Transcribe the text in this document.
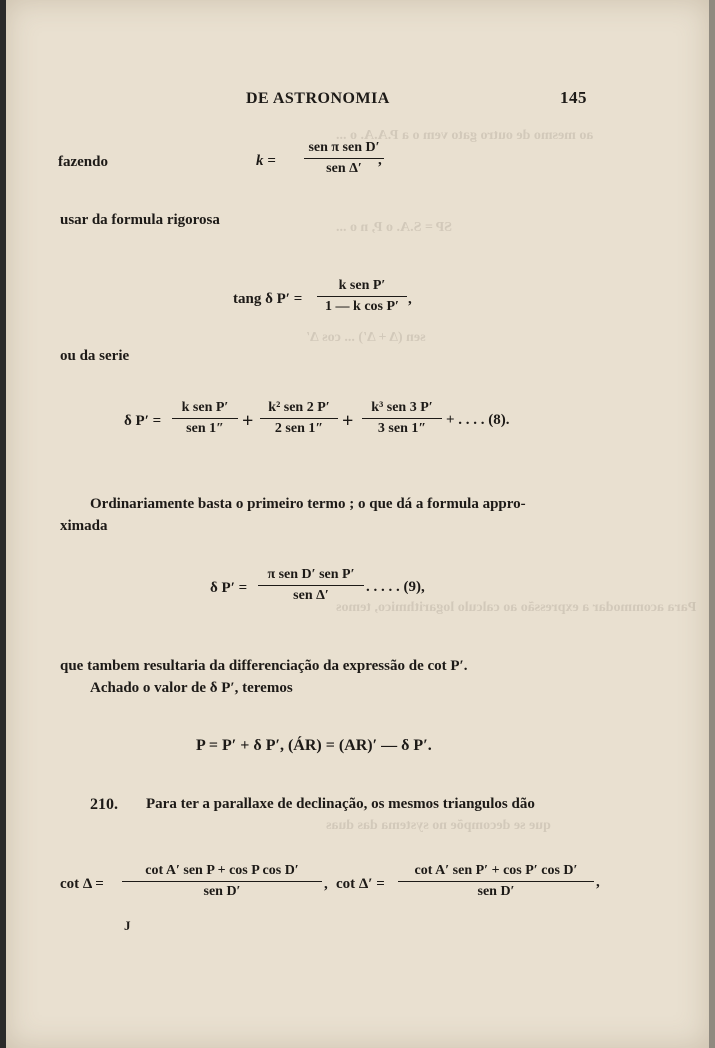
ao mesmo de outro gato vem o a P.A.A. o ...
SP = S.A. o P, n o ...
sen (Δ + Δ′) ... cos Δ′
Para acommodar a expressão ao calculo logarithmico, temos
que se decompõe no systema das duas
DE ASTRONOMIA	145
fazendo	k =
sen π sen D′
sen Δ′
,
usar da formula rigorosa
tang δ P′ =
k sen P′
1 — k cos P′ ,
ou da serie
δ P′ =
k sen P′
sen 1″ +
k² sen 2 P′
2 sen 1″ +
k³ sen 3 P′
3 sen 1″
+ . . . . (8).
Ordinariamente basta o primeiro termo ; o que dá a formula appro-
ximada
δ P′ =
π sen D′ sen P′
sen Δ′
. . . . . (9),
que tambem resultaria da differenciação da expressão de cot P′.
Achado o valor de δ P′, teremos
P = P′ + δ P′, (ÁR) = (AR)′ — δ P′.
210. Para ter a parallaxe de declinação, os mesmos triangulos dão
cot Δ =
cot A′ sen P + cos P cos D′
sen D′	, cot Δ′ =
cot A′ sen P′ + cos P′ cos D′
sen D′
,
J
